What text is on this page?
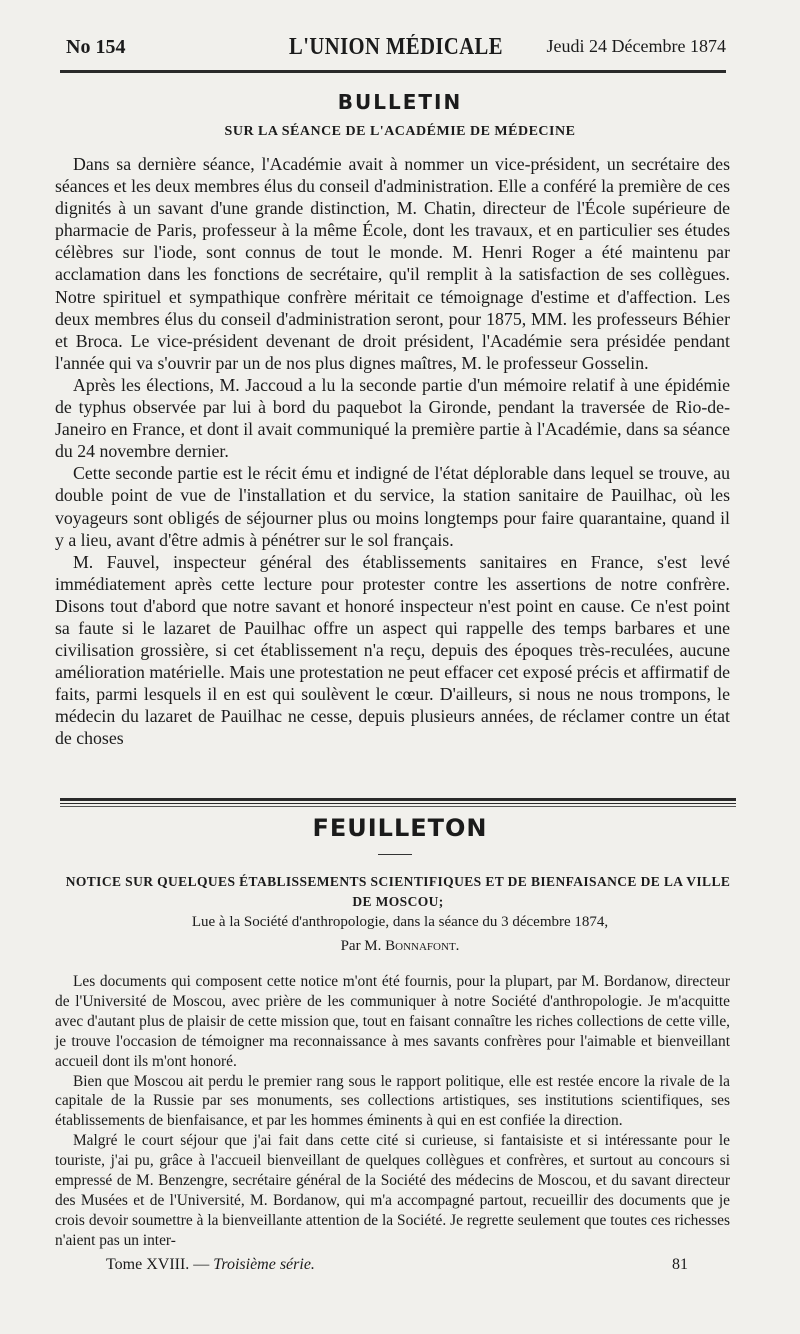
No 154	L'UNION MÉDICALE	Jeudi 24 Décembre 1874
BULLETIN
SUR LA SÉANCE DE L'ACADÉMIE DE MÉDECINE

Dans sa dernière séance, l'Académie avait à nommer un vice-président, un secrétaire des séances et les deux membres élus du conseil d'administration. Elle a conféré la première de ces dignités à un savant d'une grande distinction, M. Chatin, directeur de l'École supérieure de pharmacie de Paris, professeur à la même École, dont les travaux, et en particulier ses études célèbres sur l'iode, sont connus de tout le monde. M. Henri Roger a été maintenu par acclamation dans les fonctions de secrétaire, qu'il remplit à la satisfaction de ses collègues. Notre spirituel et sympathique confrère méritait ce témoignage d'estime et d'affection. Les deux membres élus du conseil d'administration seront, pour 1875, MM. les professeurs Béhier et Broca. Le vice-président devenant de droit président, l'Académie sera présidée pendant l'année qui va s'ouvrir par un de nos plus dignes maîtres, M. le professeur Gosselin.

Après les élections, M. Jaccoud a lu la seconde partie d'un mémoire relatif à une épidémie de typhus observée par lui à bord du paquebot la Gironde, pendant la traversée de Rio-de-Janeiro en France, et dont il avait communiqué la première partie à l'Académie, dans sa séance du 24 novembre dernier.

Cette seconde partie est le récit ému et indigné de l'état déplorable dans lequel se trouve, au double point de vue de l'installation et du service, la station sanitaire de Pauilhac, où les voyageurs sont obligés de séjourner plus ou moins longtemps pour faire quarantaine, quand il y a lieu, avant d'être admis à pénétrer sur le sol français.

M. Fauvel, inspecteur général des établissements sanitaires en France, s'est levé immédiatement après cette lecture pour protester contre les assertions de notre confrère. Disons tout d'abord que notre savant et honoré inspecteur n'est point en cause. Ce n'est point sa faute si le lazaret de Pauilhac offre un aspect qui rappelle des temps barbares et une civilisation grossière, si cet établissement n'a reçu, depuis des époques très-reculées, aucune amélioration matérielle. Mais une protestation ne peut effacer cet exposé précis et affirmatif de faits, parmi lesquels il en est qui soulèvent le cœur. D'ailleurs, si nous ne nous trompons, le médecin du lazaret de Pauilhac ne cesse, depuis plusieurs années, de réclamer contre un état de choses

FEUILLETON
NOTICE SUR QUELQUES ÉTABLISSEMENTS SCIENTIFIQUES ET DE BIENFAISANCE DE LA VILLE DE MOSCOU;
Lue à la Société d'anthropologie, dans la séance du 3 décembre 1874,
Par M. Bonnafont.

Les documents qui composent cette notice m'ont été fournis, pour la plupart, par M. Bordanow, directeur de l'Université de Moscou, avec prière de les communiquer à notre Société d'anthropologie. Je m'acquitte avec d'autant plus de plaisir de cette mission que, tout en faisant connaître les riches collections de cette ville, je trouve l'occasion de témoigner ma reconnaissance à mes savants confrères pour l'aimable et bienveillant accueil dont ils m'ont honoré.

Bien que Moscou ait perdu le premier rang sous le rapport politique, elle est restée encore la rivale de la capitale de la Russie par ses monuments, ses collections artistiques, ses institutions scientifiques, ses établissements de bienfaisance, et par les hommes éminents à qui en est confiée la direction.

Malgré le court séjour que j'ai fait dans cette cité si curieuse, si fantaisiste et si intéressante pour le touriste, j'ai pu, grâce à l'accueil bienveillant de quelques collègues et confrères, et surtout au concours si empressé de M. Benzengre, secrétaire général de la Société des médecins de Moscou, et du savant directeur des Musées et de l'Université, M. Bordanow, qui m'a accompagné partout, recueillir des documents que je crois devoir soumettre à la bienveillante attention de la Société. Je regrette seulement que toutes ces richesses n'aient pas un inter-

Tome XVIII. — Troisième série.	81
